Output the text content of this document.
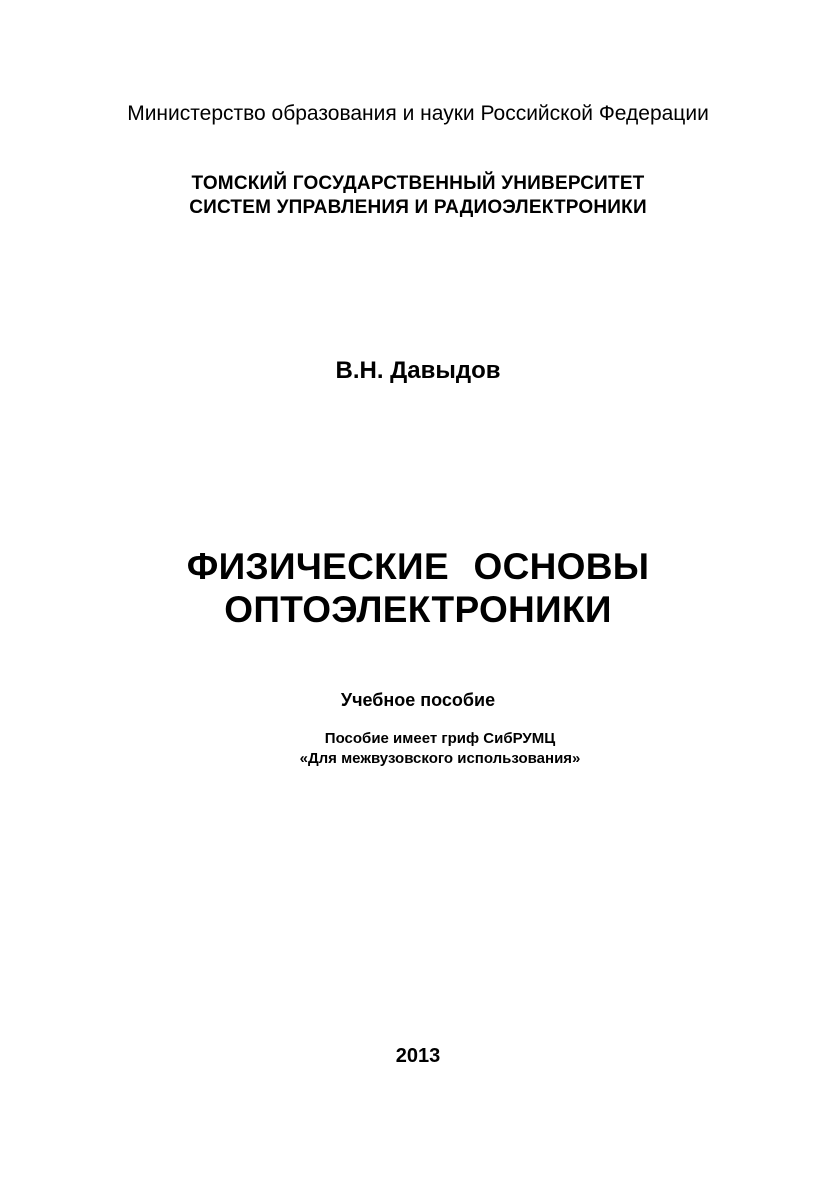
Министерство образования и науки Российской Федерации
ТОМСКИЙ ГОСУДАРСТВЕННЫЙ УНИВЕРСИТЕТ
СИСТЕМ УПРАВЛЕНИЯ И РАДИОЭЛЕКТРОНИКИ
В.Н. Давыдов
ФИЗИЧЕСКИЕ ОСНОВЫ
ОПТОЭЛЕКТРОНИКИ
Учебное пособие
Пособие имеет гриф СибРУМЦ
«Для межвузовского использования»
2013
